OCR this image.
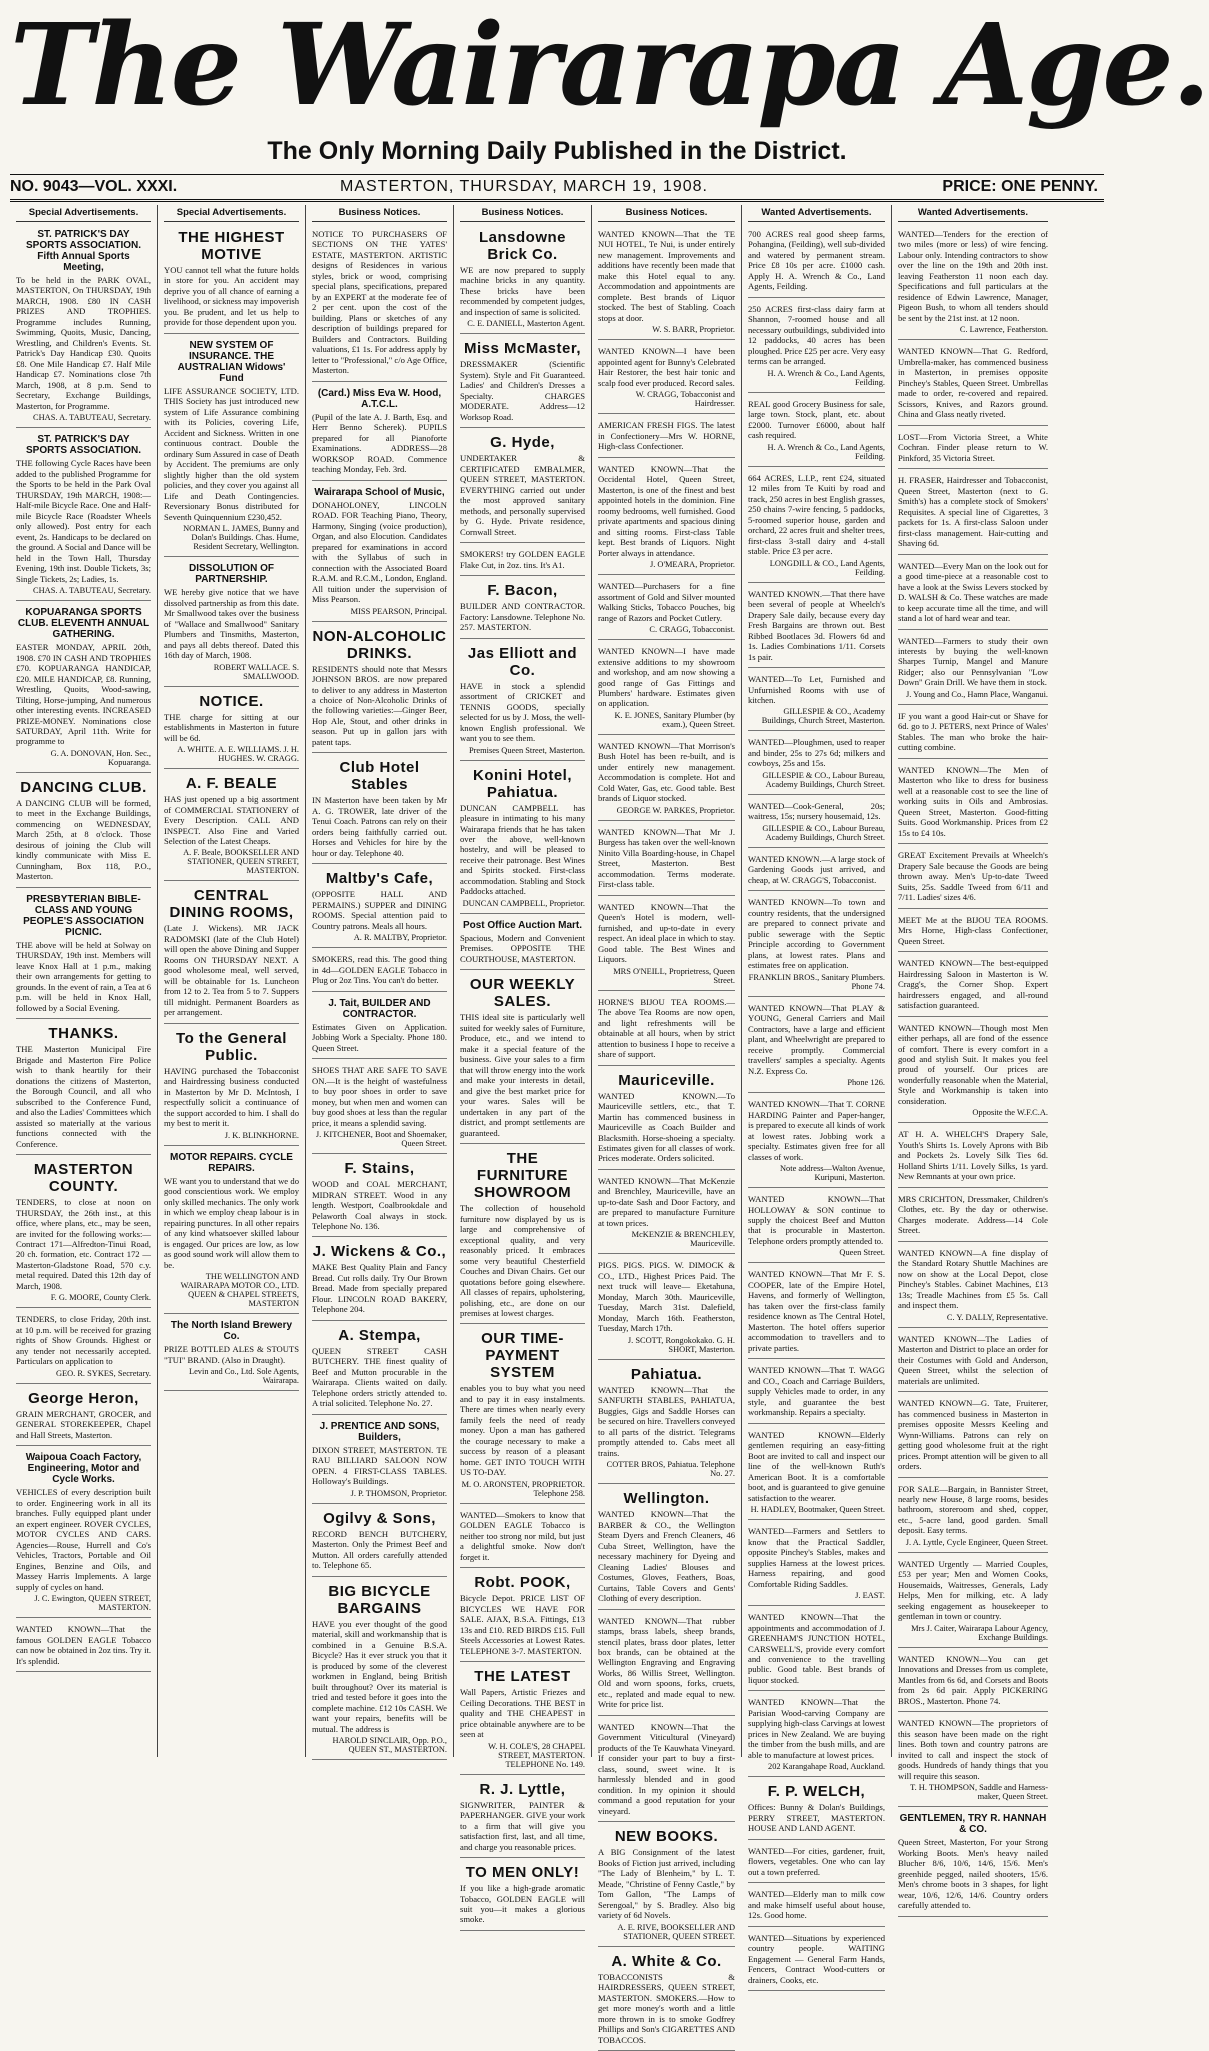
The Wairarapa Age.
The Only Morning Daily Published in the District.
NO. 9043—VOL. XXXI.	MASTERTON, THURSDAY, MARCH 19, 1908.	PRICE: ONE PENNY.
Special Advertisements.
ST. PATRICK'S DAY SPORTS ASSOCIATION. Fifth Annual Sports Meeting,

To be held in the PARK OVAL, MASTERTON, On THURSDAY, 19th MARCH, 1908. £80 IN CASH PRIZES AND TROPHIES. Programme includes Running, Swimming, Quoits, Music, Dancing, Wrestling, and Children's Events. St. Patrick's Day Handicap £30. Quoits £8. One Mile Handicap £7. Half Mile Handicap £7. Nominations close 7th March, 1908, at 8 p.m. Send to Secretary, Exchange Buildings, Masterton, for Programme.

CHAS. A. TABUTEAU, Secretary.
ST. PATRICK'S DAY SPORTS ASSOCIATION.

THE following Cycle Races have been added to the published Programme for the Sports to be held in the Park Oval THURSDAY, 19th MARCH, 1908:— Half-mile Bicycle Race. One and Half-mile Bicycle Race (Roadster Wheels only allowed). Post entry for each event, 2s. Handicaps to be declared on the ground. A Social and Dance will be held in the Town Hall, Thursday Evening, 19th inst. Double Tickets, 3s; Single Tickets, 2s; Ladies, 1s.

CHAS. A. TABUTEAU, Secretary.
KOPUARANGA SPORTS CLUB. ELEVENTH ANNUAL GATHERING.

EASTER MONDAY, APRIL 20th, 1908. £70 IN CASH AND TROPHIES £70. KOPUARANGA HANDICAP, £20. MILE HANDICAP, £8. Running, Wrestling, Quoits, Wood-sawing, Tilting, Horse-jumping, And numerous other interesting events. INCREASED PRIZE-MONEY. Nominations close SATURDAY, April 11th. Write for programme to

G. A. DONOVAN, Hon. Sec., Kopuaranga.
DANCING CLUB.

A DANCING CLUB will be formed, to meet in the Exchange Buildings, commencing on WEDNESDAY, March 25th, at 8 o'clock. Those desirous of joining the Club will kindly communicate with Miss E. Cunningham, Box 118, P.O., Masterton.

PRESBYTERIAN BIBLE-CLASS AND YOUNG PEOPLE'S ASSOCIATION PICNIC.

THE above will be held at Solway on THURSDAY, 19th inst. Members will leave Knox Hall at 1 p.m., making their own arrangements for getting to grounds. In the event of rain, a Tea at 6 p.m. will be held in Knox Hall, followed by a Social Evening.

THANKS.

THE Masterton Municipal Fire Brigade and Masterton Fire Police wish to thank heartily for their donations the citizens of Masterton, the Borough Council, and all who subscribed to the Conference Fund, and also the Ladies' Committees which assisted so materially at the various functions connected with the Conference.

MASTERTON COUNTY.

TENDERS, to close at noon on THURSDAY, the 26th inst., at this office, where plans, etc., may be seen, are invited for the following works:— Contract 171—Alfredton-Tinui Road, 20 ch. formation, etc. Contract 172 — Masterton-Gladstone Road, 570 c.y. metal required. Dated this 12th day of March, 1908.

F. G. MOORE, County Clerk.

TENDERS, to close Friday, 20th inst. at 10 p.m. will be received for grazing rights of Show Grounds. Highest or any tender not necessarily accepted. Particulars on application to

GEO. R. SYKES, Secretary.
George Heron,

GRAIN MERCHANT, GROCER, and GENERAL STOREKEEPER, Chapel and Hall Streets, Masterton.

Waipoua Coach Factory, Engineering, Motor and Cycle Works.

VEHICLES of every description built to order. Engineering work in all its branches. Fully equipped plant under an expert engineer. ROVER CYCLES, MOTOR CYCLES AND CARS. Agencies—Rouse, Hurrell and Co's Vehicles, Tractors, Portable and Oil Engines, Benzine and Oils, and Massey Harris Implements. A large supply of cycles on hand.

J. C. Ewington, QUEEN STREET, MASTERTON.

WANTED KNOWN—That the famous GOLDEN EAGLE Tobacco can now be obtained in 2oz tins. Try it. It's splendid.

Special Advertisements.
THE HIGHEST MOTIVE

YOU cannot tell what the future holds in store for you. An accident may deprive you of all chance of earning a livelihood, or sickness may impoverish you. Be prudent, and let us help to provide for those dependent upon you.

NEW SYSTEM OF INSURANCE. THE AUSTRALIAN Widows' Fund

LIFE ASSURANCE SOCIETY, LTD. THIS Society has just introduced new system of Life Assurance combining with its Policies, covering Life, Accident and Sickness. Written in one continuous contract. Double the ordinary Sum Assured in case of Death by Accident. The premiums are only slightly higher than the old system policies, and they cover you against all Life and Death Contingencies. Reversionary Bonus distributed for Seventh Quinquennium £230,452.

NORMAN L. JAMES, Bunny and Dolan's Buildings. Chas. Hume, Resident Secretary, Wellington.
DISSOLUTION OF PARTNERSHIP.

WE hereby give notice that we have dissolved partnership as from this date. Mr Smallwood takes over the business of "Wallace and Smallwood" Sanitary Plumbers and Tinsmiths, Masterton, and pays all debts thereof. Dated this 16th day of March, 1908.

ROBERT WALLACE. S. SMALLWOOD.
NOTICE.

THE charge for sitting at our establishments in Masterton in future will be 6d.

A. WHITE. A. E. WILLIAMS. J. H. HUGHES. W. CRAGG.
A. F. BEALE

HAS just opened up a big assortment of COMMERCIAL STATIONERY of Every Description. CALL AND INSPECT. Also Fine and Varied Selection of the Latest Cheaps.

A. F. Beale, BOOKSELLER AND STATIONER, QUEEN STREET, MASTERTON.
CENTRAL DINING ROOMS,

(Late J. Wickens). MR JACK RADOMSKI (late of the Club Hotel) will open the above Dining and Supper Rooms ON THURSDAY NEXT. A good wholesome meal, well served, will be obtainable for 1s. Luncheon from 12 to 2. Tea from 5 to 7. Suppers till midnight. Permanent Boarders as per arrangement.

To the General Public.

HAVING purchased the Tobacconist and Hairdressing business conducted in Masterton by Mr D. McIntosh, I respectfully solicit a continuance of the support accorded to him. I shall do my best to merit it.

J. K. BLINKHORNE.
MOTOR REPAIRS. CYCLE REPAIRS.

WE want you to understand that we do good conscientious work. We employ only skilled mechanics. The only work in which we employ cheap labour is in repairing punctures. In all other repairs of any kind whatsoever skilled labour is engaged. Our prices are low, as low as good sound work will allow them to be.

THE WELLINGTON AND WAIRARAPA MOTOR CO., LTD. QUEEN & CHAPEL STREETS, MASTERTON
The North Island Brewery Co.

PRIZE BOTTLED ALES & STOUTS "TUI" BRAND. (Also in Draught).

Levin and Co., Ltd. Sole Agents, Wairarapa.
Business Notices.

NOTICE TO PURCHASERS OF SECTIONS ON THE YATES' ESTATE, MASTERTON. ARTISTIC designs of Residences in various styles, brick or wood, comprising special plans, specifications, prepared by an EXPERT at the moderate fee of 2 per cent. upon the cost of the building. Plans or sketches of any description of buildings prepared for Builders and Contractors. Building valuations, £1 1s. For address apply by letter to "Professional," c/o Age Office, Masterton.

(Card.) Miss Eva W. Hood, A.T.C.L.

(Pupil of the late A. J. Barth, Esq. and Herr Benno Scherek). PUPILS prepared for all Pianoforte Examinations. ADDRESS—28 WORKSOP ROAD. Commence teaching Monday, Feb. 3rd.

Wairarapa School of Music,

DONAHOLONEY, LINCOLN ROAD. FOR Teaching Piano, Theory, Harmony, Singing (voice production), Organ, and also Elocution. Candidates prepared for examinations in accord with the Syllabus of such in connection with the Associated Board R.A.M. and R.C.M., London, England. All tuition under the supervision of Miss Pearson.

MISS PEARSON, Principal.
NON-ALCOHOLIC DRINKS.

RESIDENTS should note that Messrs JOHNSON BROS. are now prepared to deliver to any address in Masterton a choice of Non-Alcoholic Drinks of the following varieties:—Ginger Beer, Hop Ale, Stout, and other drinks in season. Put up in gallon jars with patent taps.

Club Hotel Stables

IN Masterton have been taken by Mr A. G. TROWER, late driver of the Tenui Coach. Patrons can rely on their orders being faithfully carried out. Horses and Vehicles for hire by the hour or day. Telephone 40.

Maltby's Cafe,

(OPPOSITE HALL AND PERMAINS.) SUPPER and DINING ROOMS. Special attention paid to Country patrons. Meals all hours.

A. R. MALTBY, Proprietor.

SMOKERS, read this. The good thing in 4d—GOLDEN EAGLE Tobacco in Plug or 2oz Tins. You can't do better.

J. Tait, BUILDER AND CONTRACTOR.

Estimates Given on Application. Jobbing Work a Specialty. Phone 180. Queen Street.

SHOES THAT ARE SAFE TO SAVE ON.—It is the height of wastefulness to buy poor shoes in order to save money, but when men and women can buy good shoes at less than the regular price, it means a splendid saving.

J. KITCHENER, Boot and Shoemaker, Queen Street.
F. Stains,

WOOD and COAL MERCHANT, MIDRAN STREET. Wood in any length. Westport, Coalbrookdale and Pelaworth Coal always in stock. Telephone No. 136.

J. Wickens & Co.,

MAKE Best Quality Plain and Fancy Bread. Cut rolls daily. Try Our Brown Bread. Made from specially prepared Flour. LINCOLN ROAD BAKERY, Telephone 204.

A. Stempa,

QUEEN STREET CASH BUTCHERY. THE finest quality of Beef and Mutton procurable in the Wairarapa. Clients waited on daily. Telephone orders strictly attended to. A trial solicited. Telephone No. 27.

J. PRENTICE AND SONS, Builders,

DIXON STREET, MASTERTON. TE RAU BILLIARD SALOON NOW OPEN. 4 FIRST-CLASS TABLES. Holloway's Buildings.

J. P. THOMSON, Proprietor.
Ogilvy & Sons,

RECORD BENCH BUTCHERY, Masterton. Only the Primest Beef and Mutton. All orders carefully attended to. Telephone 65.

BIG BICYCLE BARGAINS

HAVE you ever thought of the good material, skill and workmanship that is combined in a Genuine B.S.A. Bicycle? Has it ever struck you that it is produced by some of the cleverest workmen in England, being British built throughout? Over its material is tried and tested before it goes into the complete machine. £12 10s CASH. We want your repairs, benefits will be mutual. The address is

HAROLD SINCLAIR, Opp. P.O., QUEEN ST., MASTERTON.
Business Notices.
Lansdowne Brick Co.

WE are now prepared to supply machine bricks in any quantity. These bricks have been recommended by competent judges, and inspection of same is solicited.

C. E. DANIELL, Masterton Agent.
Miss McMaster,

DRESSMAKER (Scientific System). Style and Fit Guaranteed. Ladies' and Children's Dresses a Specialty. CHARGES MODERATE. Address—12 Worksop Road.

G. Hyde,

UNDERTAKER & CERTIFICATED EMBALMER, QUEEN STREET, MASTERTON. EVERYTHING carried out under the most approved sanitary methods, and personally supervised by G. Hyde. Private residence, Cornwall Street.

SMOKERS! try GOLDEN EAGLE Flake Cut, in 2oz. tins. It's A1.

F. Bacon,

BUILDER AND CONTRACTOR. Factory: Lansdowne. Telephone No. 257. MASTERTON.

Jas Elliott and Co.

HAVE in stock a splendid assortment of CRICKET and TENNIS GOODS, specially selected for us by J. Moss, the well-known English professional. We want you to see them.

Premises Queen Street, Masterton.
Konini Hotel, Pahiatua.

DUNCAN CAMPBELL has pleasure in intimating to his many Wairarapa friends that he has taken over the above, well-known hostelry, and will be pleased to receive their patronage. Best Wines and Spirits stocked. First-class accommodation. Stabling and Stock Paddocks attached.

DUNCAN CAMPBELL, Proprietor.
Post Office Auction Mart.

Spacious, Modern and Convenient Premises. OPPOSITE THE COURTHOUSE, MASTERTON.

OUR WEEKLY SALES.

THIS ideal site is particularly well suited for weekly sales of Furniture, Produce, etc., and we intend to make it a special feature of the business. Give your sales to a firm that will throw energy into the work and make your interests in detail, and give the best market price for your wares. Sales will be undertaken in any part of the district, and prompt settlements are guaranteed.

THE FURNITURE SHOWROOM

The collection of household furniture now displayed by us is large and comprehensive of exceptional quality, and very reasonably priced. It embraces some very beautiful Chesterfield Couches and Divan Chairs. Get our quotations before going elsewhere. All classes of repairs, upholstering, polishing, etc., are done on our premises at lowest charges.

OUR TIME-PAYMENT SYSTEM

enables you to buy what you need and to pay it in easy instalments. There are times when nearly every family feels the need of ready money. Upon a man has gathered the courage necessary to make a success by reason of a pleasant home. GET INTO TOUCH WITH US TO-DAY.

M. O. ARONSTEN, PROPRIETOR. Telephone 258.

WANTED—Smokers to know that GOLDEN EAGLE Tobacco is neither too strong nor mild, but just a delightful smoke. Now don't forget it.

Robt. POOK,

Bicycle Depot. PRICE LIST OF BICYCLES WE HAVE FOR SALE. AJAX, B.S.A. Fittings, £13 13s and £10. RED BIRDS £15. Full Steels Accessories at Lowest Rates. TELEPHONE 3-7. MASTERTON.

THE LATEST

Wall Papers, Artistic Friezes and Ceiling Decorations. THE BEST in quality and THE CHEAPEST in price obtainable anywhere are to be seen at

W. H. COLE'S, 28 CHAPEL STREET, MASTERTON. TELEPHONE No. 149.
R. J. Lyttle,

SIGNWRITER, PAINTER & PAPERHANGER. GIVE your work to a firm that will give you satisfaction first, last, and all time, and charge you reasonable prices.

TO MEN ONLY!

If you like a high-grade aromatic Tobacco, GOLDEN EAGLE will suit you—it makes a glorious smoke.

Business Notices.

WANTED KNOWN—That the TE NUI HOTEL, Te Nui, is under entirely new management. Improvements and additions have recently been made that make this Hotel equal to any. Accommodation and appointments are complete. Best brands of Liquor stocked. The best of Stabling. Coach stops at door.

W. S. BARR, Proprietor.

WANTED KNOWN—I have been appointed agent for Bunny's Celebrated Hair Restorer, the best hair tonic and scalp food ever produced. Record sales.

W. CRAGG, Tobacconist and Hairdresser.

AMERICAN FRESH FIGS. The latest in Confectionery—Mrs W. HORNE, High-class Confectioner.

WANTED KNOWN—That the Occidental Hotel, Queen Street, Masterton, is one of the finest and best appointed hotels in the dominion. Fine roomy bedrooms, well furnished. Good private apartments and spacious dining and sitting rooms. First-class Table kept. Best brands of Liquors. Night Porter always in attendance.

J. O'MEARA, Proprietor.

WANTED—Purchasers for a fine assortment of Gold and Silver mounted Walking Sticks, Tobacco Pouches, big range of Razors and Pocket Cutlery.

C. CRAGG, Tobacconist.

WANTED KNOWN—I have made extensive additions to my showroom and workshop, and am now showing a good range of Gas Fittings and Plumbers' hardware. Estimates given on application.

K. E. JONES, Sanitary Plumber (by exam.), Queen Street.

WANTED KNOWN—That Morrison's Bush Hotel has been re-built, and is under entirely new management. Accommodation is complete. Hot and Cold Water, Gas, etc. Good table. Best brands of Liquor stocked.

GEORGE W. PARKES, Proprietor.

WANTED KNOWN—That Mr J. Burgess has taken over the well-known Ninito Villa Boarding-house, in Chapel Street, Masterton. Best accommodation. Terms moderate. First-class table.

WANTED KNOWN—That the Queen's Hotel is modern, well-furnished, and up-to-date in every respect. An ideal place in which to stay. Good table. The Best Wines and Liquors.

MRS O'NEILL, Proprietress, Queen Street.

HORNE'S BIJOU TEA ROOMS.—The above Tea Rooms are now open, and light refreshments will be obtainable at all hours, when by strict attention to business I hope to receive a share of support.

Mauriceville.

WANTED KNOWN.—To Mauriceville settlers, etc., that T. Martin has commenced business in Mauriceville as Coach Builder and Blacksmith. Horse-shoeing a specialty. Estimates given for all classes of work. Prices moderate. Orders solicited.

WANTED KNOWN—That McKenzie and Brenchley, Mauriceville, have an up-to-date Sash and Door Factory, and are prepared to manufacture Furniture at town prices.

McKENZIE & BRENCHLEY, Mauriceville.

PIGS. PIGS. PIGS. W. DIMOCK & CO., LTD., Highest Prices Paid. The next truck will leave— Eketahuna, Monday, March 30th. Mauriceville, Tuesday, March 31st. Dalefield, Monday, March 16th. Featherston, Tuesday, March 17th.

J. SCOTT, Rongokokako. G. H. SHORT, Masterton.
Pahiatua.

WANTED KNOWN—That the SANFURTH STABLES, PAHIATUA, Buggies, Gigs and Saddle Horses can be secured on hire. Travellers conveyed to all parts of the district. Telegrams promptly attended to. Cabs meet all trains.

COTTER BROS, Pahiatua. Telephone No. 27.
Wellington.

WANTED KNOWN—That the BARBER & CO., the Wellington Steam Dyers and French Cleaners, 46 Cuba Street, Wellington, have the necessary machinery for Dyeing and Cleaning Ladies' Blouses and Costumes, Gloves, Feathers, Boas, Curtains, Table Covers and Gents' Clothing of every description.

WANTED KNOWN—That rubber stamps, brass labels, sheep brands, stencil plates, brass door plates, letter box brands, can be obtained at the Wellington Engraving and Engraving Works, 86 Willis Street, Wellington. Old and worn spoons, forks, cruets, etc., replated and made equal to new. Write for price list.

WANTED KNOWN—That the Government Viticultural (Vineyard) products of the Te Kauwhata Vineyard. If consider your part to buy a first-class, sound, sweet wine. It is harmlessly blended and in good condition. In my opinion it should command a good reputation for your vineyard.

NEW BOOKS.

A BIG Consignment of the latest Books of Fiction just arrived, including "The Lady of Blenheim," by L. T. Meade, "Christine of Fenny Castle," by Tom Gallon, "The Lamps of Serengoal," by S. Bradley. Also big variety of 6d Novels.

A. E. RIVE, BOOKSELLER AND STATIONER, QUEEN STREET.
A. White & Co.

TOBACCONISTS & HAIRDRESSERS, QUEEN STREET, MASTERTON. SMOKERS.—How to get more money's worth and a little more thrown in is to smoke Godfrey Phillips and Son's CIGARETTES AND TOBACCOS.

Wanted Advertisements.

700 ACRES real good sheep farms, Pohangina, (Feilding), well sub-divided and watered by permanent stream. Price £8 10s per acre. £1000 cash. Apply H. A. Wrench & Co., Land Agents, Feilding.

250 ACRES first-class dairy farm at Shannon, 7-roomed house and all necessary outbuildings, subdivided into 12 paddocks, 40 acres has been ploughed. Price £25 per acre. Very easy terms can be arranged.

H. A. Wrench & Co., Land Agents, Feilding.

REAL good Grocery Business for sale, large town. Stock, plant, etc. about £2000. Turnover £6000, about half cash required.

H. A. Wrench & Co., Land Agents, Feilding.

664 ACRES, L.I.P., rent £24, situated 12 miles from Te Kuiti by road and track, 250 acres in best English grasses, 250 chains 7-wire fencing, 5 paddocks, 5-roomed superior house, garden and orchard, 22 acres fruit and shelter trees, first-class 3-stall dairy and 4-stall stable. Price £3 per acre.

LONGDILL & CO., Land Agents, Feilding.

WANTED KNOWN.—That there have been several of people at Wheelch's Drapery Sale daily, because every day Fresh Bargains are thrown out. Best Ribbed Bootlaces 3d. Flowers 6d and 1s. Ladies Combinations 1/11. Corsets 1s pair.

WANTED—To Let, Furnished and Unfurnished Rooms with use of kitchen.

GILLESPIE & CO., Academy Buildings, Church Street, Masterton.

WANTED—Ploughmen, used to reaper and binder, 25s to 27s 6d; milkers and cowboys, 25s and 15s.

GILLESPIE & CO., Labour Bureau, Academy Buildings, Church Street.

WANTED—Cook-General, 20s; waitress, 15s; nursery housemaid, 12s.

GILLESPIE & CO., Labour Bureau, Academy Buildings, Church Street.

WANTED KNOWN.—A large stock of Gardening Goods just arrived, and cheap, at W. CRAGG'S, Tobacconist.

WANTED KNOWN—To town and country residents, that the undersigned are prepared to connect private and public sewerage with the Septic Principle according to Government plans, at lowest rates. Plans and estimates free on application.

FRANKLIN BROS., Sanitary Plumbers. Phone 74.

WANTED KNOWN—That PLAY & YOUNG, General Carriers and Mail Contractors, have a large and efficient plant, and Wheelwright are prepared to receive promptly. Commercial travellers' samples a specialty. Agents N.Z. Express Co.

Phone 126.

WANTED KNOWN—That T. CORNE HARDING Painter and Paper-hanger, is prepared to execute all kinds of work at lowest rates. Jobbing work a specialty. Estimates given free for all classes of work.

Note address—Walton Avenue, Kuripuni, Masterton.

WANTED KNOWN—That HOLLOWAY & SON continue to supply the choicest Beef and Mutton that is procurable in Masterton. Telephone orders promptly attended to.

Queen Street.

WANTED KNOWN—That Mr F. S. COOPER, late of the Empire Hotel, Havens, and formerly of Wellington, has taken over the first-class family residence known as The Central Hotel, Masterton. The hotel offers superior accommodation to travellers and to private parties.

WANTED KNOWN—That T. WAGG and CO., Coach and Carriage Builders, supply Vehicles made to order, in any style, and guarantee the best workmanship. Repairs a specialty.

WANTED KNOWN—Elderly gentlemen requiring an easy-fitting Boot are invited to call and inspect our line of the well-known Ruth's American Boot. It is a comfortable boot, and is guaranteed to give genuine satisfaction to the wearer.

H. HADLEY, Bootmaker, Queen Street.

WANTED—Farmers and Settlers to know that the Practical Saddler, opposite Pinchey's Stables, makes and supplies Harness at the lowest prices. Harness repairing, and good Comfortable Riding Saddles.

J. EAST.

WANTED KNOWN—That the appointments and accommodation of J. GREENHAM'S JUNCTION HOTEL, CARSWELL'S, provide every comfort and convenience to the travelling public. Good table. Best brands of liquor stocked.

WANTED KNOWN—That the Parisian Wood-carving Company are supplying high-class Carvings at lowest prices in New Zealand. We are buying the timber from the bush mills, and are able to manufacture at lowest prices.

202 Karangahape Road, Auckland.
F. P. WELCH,

Offices: Bunny & Dolan's Buildings, PERRY STREET, MASTERTON. HOUSE AND LAND AGENT.

WANTED—For cities, gardener, fruit, flowers, vegetables. One who can lay out a town preferred.

WANTED—Elderly man to milk cow and make himself useful about house, 12s. Good home.

WANTED—Situations by experienced country people. WAITING Engagement — General Farm Hands, Fencers, Contract Wood-cutters or drainers, Cooks, etc.

Wanted Advertisements.

WANTED—Tenders for the erection of two miles (more or less) of wire fencing. Labour only. Intending contractors to show over the line on the 19th and 20th inst. leaving Featherston 11 noon each day. Specifications and full particulars at the residence of Edwin Lawrence, Manager, Pigeon Bush, to whom all tenders should be sent by the 21st inst. at 12 noon.

C. Lawrence, Featherston.

WANTED KNOWN—That G. Redford, Umbrella-maker, has commenced business in Masterton, in premises opposite Pinchey's Stables, Queen Street. Umbrellas made to order, re-covered and repaired. Scissors, Knives, and Razors ground. China and Glass neatly riveted.

LOST—From Victoria Street, a White Cochran. Finder please return to W. Pinkford, 35 Victoria Street.

H. FRASER, Hairdresser and Tobacconist, Queen Street, Masterton (next to G. Smith's) has a complete stock of Smokers' Requisites. A special line of Cigarettes, 3 packets for 1s. A first-class Saloon under first-class management. Hair-cutting and Shaving 6d.

WANTED—Every Man on the look out for a good time-piece at a reasonable cost to have a look at the Swiss Levers stocked by D. WALSH & Co. These watches are made to keep accurate time all the time, and will stand a lot of hard wear and tear.

WANTED—Farmers to study their own interests by buying the well-known Sharpes Turnip, Mangel and Manure Ridger; also our Pennsylvanian "Low Down" Grain Drill. We have them in stock.

J. Young and Co., Hamn Place, Wanganui.

IF you want a good Hair-cut or Shave for 6d. go to J. PETERS, next Prince of Wales' Stables. The man who broke the hair-cutting combine.

WANTED KNOWN—The Men of Masterton who like to dress for business well at a reasonable cost to see the line of working suits in Oils and Ambrosias. Queen Street, Masterton. Good-fitting Suits. Good Workmanship. Prices from £2 15s to £4 10s.

GREAT Excitement Prevails at Wheelch's Drapery Sale because the Goods are being thrown away. Men's Up-to-date Tweed Suits, 25s. Saddle Tweed from 6/11 and 7/11. Ladies' sizes 4/6.

MEET Me at the BIJOU TEA ROOMS. Mrs Horne, High-class Confectioner, Queen Street.

WANTED KNOWN—The best-equipped Hairdressing Saloon in Masterton is W. Cragg's, the Corner Shop. Expert hairdressers engaged, and all-round satisfaction guaranteed.

WANTED KNOWN—Though most Men either perhaps, all are fond of the essence of comfort. There is every comfort in a good and stylish Suit. It makes you feel proud of yourself. Our prices are wonderfully reasonable when the Material, Style and Workmanship is taken into consideration.

Opposite the W.F.C.A.

AT H. A. WHELCH'S Drapery Sale, Youth's Shirts 1s. Lovely Aprons with Bib and Pockets 2s. Lovely Silk Ties 6d. Holland Shirts 1/11. Lovely Silks, 1s yard. New Remnants at your own price.

MRS CRICHTON, Dressmaker, Children's Clothes, etc. By the day or otherwise. Charges moderate. Address—14 Cole Street.

WANTED KNOWN—A fine display of the Standard Rotary Shuttle Machines are now on show at the Local Depot, close Pinchey's Stables. Cabinet Machines, £13 13s; Treadle Machines from £5 5s. Call and inspect them.

C. Y. DALLY, Representative.

WANTED KNOWN—The Ladies of Masterton and District to place an order for their Costumes with Gold and Anderson, Queen Street, whilst the selection of materials are unlimited.

WANTED KNOWN—G. Tate, Fruiterer, has commenced business in Masterton in premises opposite Messrs Keeling and Wynn-Williams. Patrons can rely on getting good wholesome fruit at the right prices. Prompt attention will be given to all orders.

FOR SALE—Bargain, in Bannister Street, nearly new House, 8 large rooms, besides bathroom, storeroom and shed, copper, etc., 5-acre land, good garden. Small deposit. Easy terms.

J. A. Lyttle, Cycle Engineer, Queen Street.

WANTED Urgently — Married Couples, £53 per year; Men and Women Cooks, Housemaids, Waitresses, Generals, Lady Helps, Men for milking, etc. A lady seeking engagement as housekeeper to gentleman in town or country.

Mrs J. Caiter, Wairarapa Labour Agency, Exchange Buildings.

WANTED KNOWN—You can get Innovations and Dresses from us complete, Mantles from 6s 6d, and Corsets and Boots from 2s 6d pair. Apply PICKERING BROS., Masterton. Phone 74.

WANTED KNOWN—The proprietors of this season have been made on the right lines. Both town and country patrons are invited to call and inspect the stock of goods. Hundreds of handy things that you will require this season.

T. H. THOMPSON, Saddle and Harness-maker, Queen Street.
GENTLEMEN, TRY R. HANNAH & CO.

Queen Street, Masterton, For your Strong Working Boots. Men's heavy nailed Blucher 8/6, 10/6, 14/6, 15/6. Men's greenhide pegged, nailed shooters, 15/6. Men's chrome boots in 3 shapes, for light wear, 10/6, 12/6, 14/6. Country orders carefully attended to.
